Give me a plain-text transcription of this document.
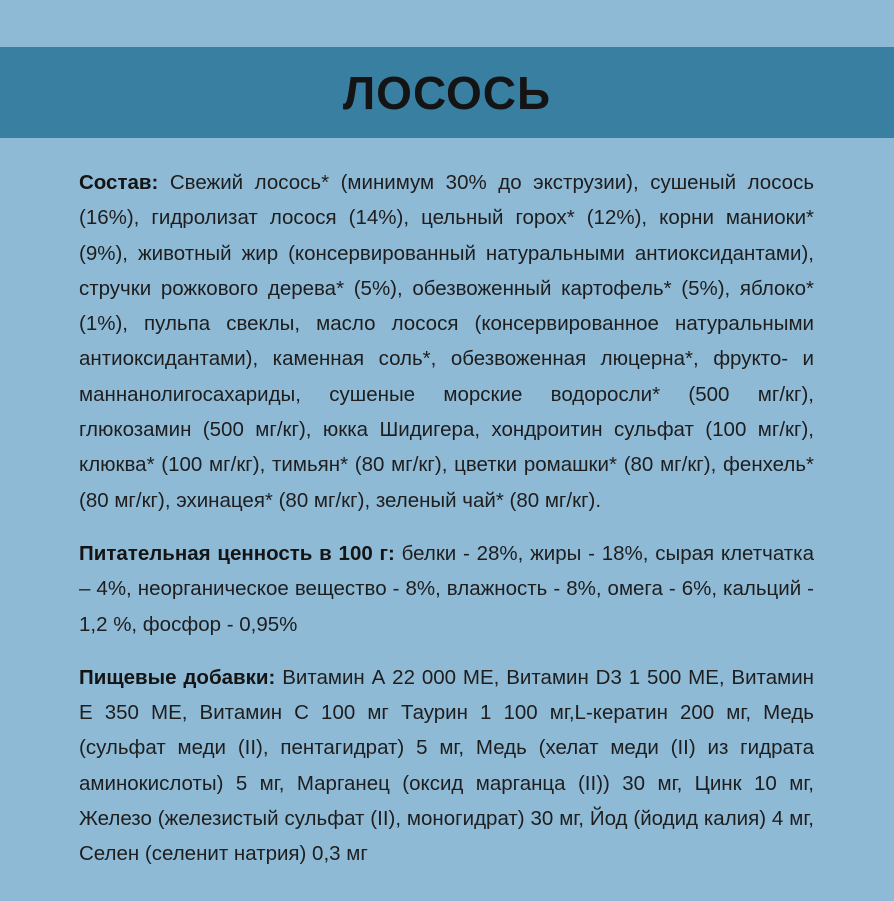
ЛОСОСЬ

Состав: Свежий лосось* (минимум 30% до экструзии), сушеный лосось (16%), гидролизат лосося (14%), цельный горох* (12%), корни маниоки* (9%), животный жир (консервированный натуральными антиоксидантами), стручки рожкового дерева* (5%), обезвоженный картофель* (5%), яблоко* (1%), пульпа свеклы, масло лосося (консервированное натуральными антиоксидантами), каменная соль*, обезвоженная люцерна*, фрукто- и маннанолигосахариды, сушеные морские водоросли* (500 мг/кг), глюкозамин (500 мг/кг), юкка Шидигера, хондроитин сульфат (100 мг/кг), клюква* (100 мг/кг), тимьян* (80 мг/кг), цветки ромашки* (80 мг/кг), фенхель* (80 мг/кг), эхинацея* (80 мг/кг), зеленый чай* (80 мг/кг).

Питательная ценность в 100 г: белки - 28%, жиры - 18%, сырая клетчатка – 4%, неорганическое вещество - 8%, влажность - 8%, омега - 6%, кальций - 1,2 %, фосфор - 0,95%

Пищевые добавки: Витамин А 22 000 МЕ, Витамин D3 1 500 МЕ, Витамин Е 350 МЕ, Витамин С 100 мг Таурин 1 100 мг,L-кератин 200 мг, Медь (сульфат меди (II), пентагидрат) 5 мг, Медь (хелат меди (II) из гидрата аминокислоты) 5 мг, Марганец (оксид марганца (II)) 30 мг, Цинк 10 мг, Железо (железистый сульфат (II), моногидрат) 30 мг, Йод (йодид калия) 4 мг, Селен (селенит натрия) 0,3 мг
